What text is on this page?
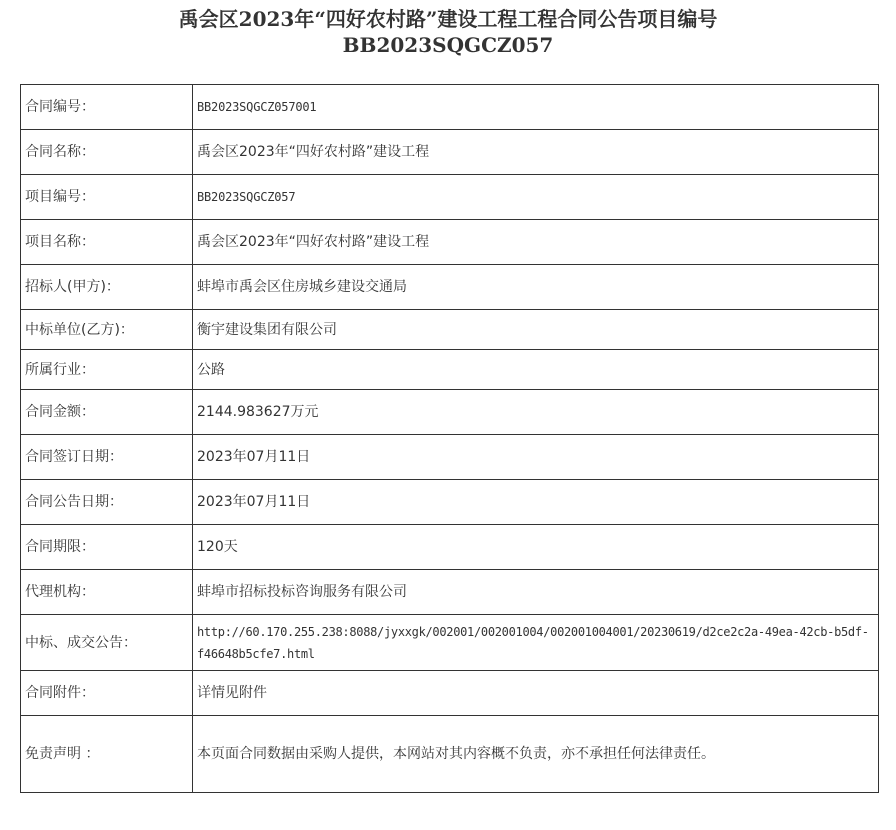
禹会区2023年“四好农村路”建设工程工程合同公告项目编号
BB2023SQGCZ057
合同编号：	BB2023SQGCZ057001
合同名称：	禹会区2023年“四好农村路”建设工程
项目编号：	BB2023SQGCZ057
项目名称：	禹会区2023年“四好农村路”建设工程
招标人(甲方)：	蚌埠市禹会区住房城乡建设交通局
中标单位(乙方)：	衡宇建设集团有限公司
所属行业：	公路
合同金额：	2144.983627万元
合同签订日期：	2023年07月11日
合同公告日期：	2023年07月11日
合同期限：	120天
代理机构：	蚌埠市招标投标咨询服务有限公司
中标、成交公告：	http://60.170.255.238:8088/jyxxgk/002001/002001004/002001004001/20230619/d2ce2c2a-49ea-42cb-b5df-f46648b5cfe7.html
合同附件：	详情见附件
免责声明 ：	本页面合同数据由采购人提供，本网站对其内容概不负责，亦不承担任何法律责任。
